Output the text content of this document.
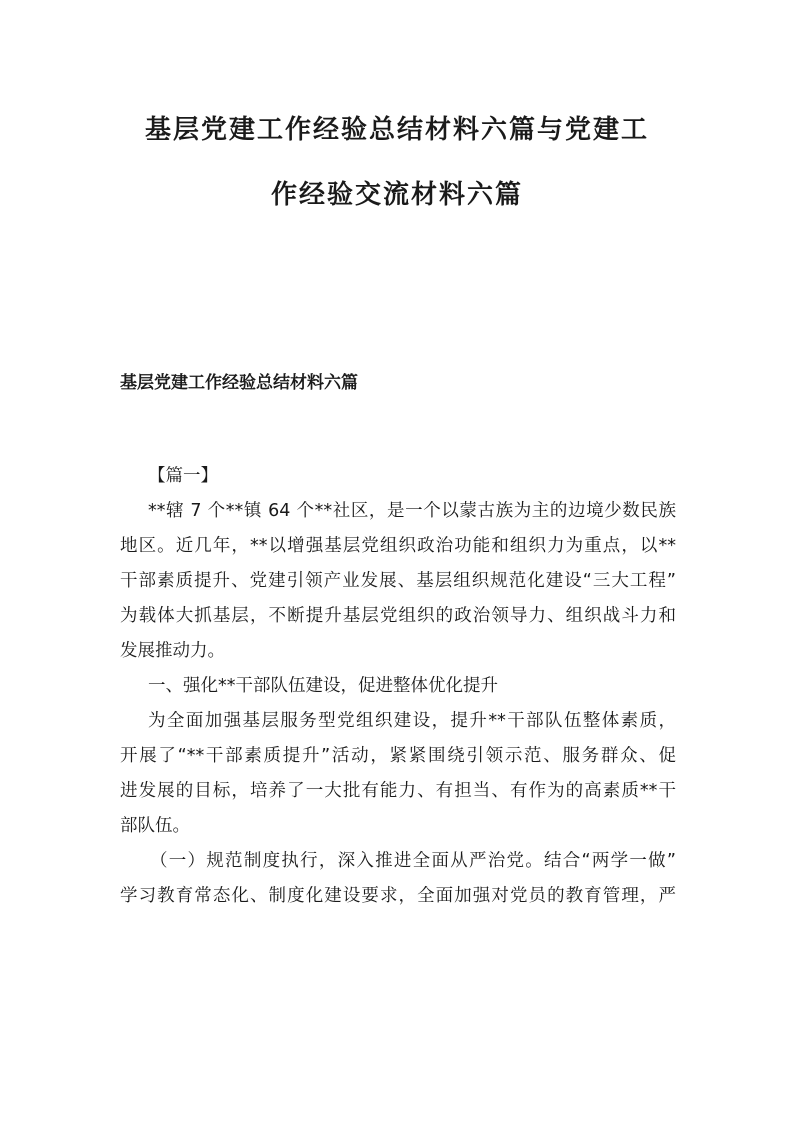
基层党建工作经验总结材料六篇与党建工
作经验交流材料六篇
基层党建工作经验总结材料六篇
【篇一】
**辖 7 个**镇 64 个**社区，是一个以蒙古族为主的边境少数民族
地区。近几年，**以增强基层党组织政治功能和组织力为重点，以**
干部素质提升、党建引领产业发展、基层组织规范化建设“三大工程”
为载体大抓基层，不断提升基层党组织的政治领导力、组织战斗力和
发展推动力。
一、强化**干部队伍建设，促进整体优化提升
为全面加强基层服务型党组织建设，提升**干部队伍整体素质，
开展了“**干部素质提升”活动，紧紧围绕引领示范、服务群众、促
进发展的目标，培养了一大批有能力、有担当、有作为的高素质**干
部队伍。
（一）规范制度执行，深入推进全面从严治党。结合“两学一做”
学习教育常态化、制度化建设要求，全面加强对党员的教育管理，严
